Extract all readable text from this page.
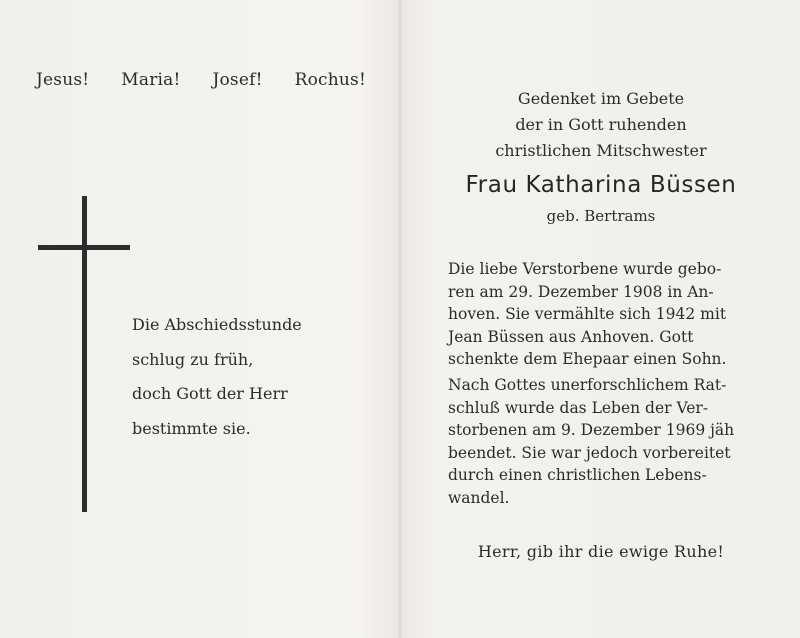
Jesus! Maria! Josef! Rochus!
Die Abschiedsstunde
schlug zu früh,
doch Gott der Herr
bestimmte sie.
Gedenket im Gebete
der in Gott ruhenden
christlichen Mitschwester
Frau Katharina Büssen
geb. Bertrams
Die liebe Verstorbene wurde gebo-
ren am 29. Dezember 1908 in An-
hoven. Sie vermählte sich 1942 mit
Jean Büssen aus Anhoven. Gott
schenkte dem Ehepaar einen Sohn.
Nach Gottes unerforschlichem Rat-
schluß wurde das Leben der Ver-
storbenen am 9. Dezember 1969 jäh
beendet. Sie war jedoch vorbereitet
durch einen christlichen Lebens-
wandel.
Herr, gib ihr die ewige Ruhe!
